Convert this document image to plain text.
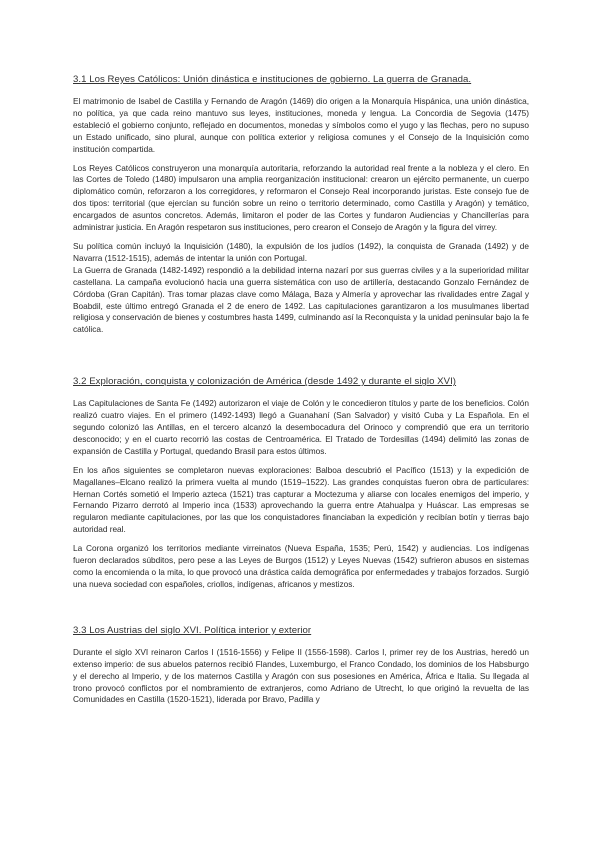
3.1 Los Reyes Católicos: Unión dinástica e instituciones de gobierno. La guerra de Granada.

El matrimonio de Isabel de Castilla y Fernando de Aragón (1469) dio origen a la Monarquía Hispánica, una unión dinástica, no política, ya que cada reino mantuvo sus leyes, instituciones, moneda y lengua. La Concordia de Segovia (1475) estableció el gobierno conjunto, reflejado en documentos, monedas y símbolos como el yugo y las flechas, pero no supuso un Estado unificado, sino plural, aunque con política exterior y religiosa comunes y el Consejo de la Inquisición como institución compartida.

Los Reyes Católicos construyeron una monarquía autoritaria, reforzando la autoridad real frente a la nobleza y el clero. En las Cortes de Toledo (1480) impulsaron una amplia reorganización institucional: crearon un ejército permanente, un cuerpo diplomático común, reforzaron a los corregidores, y reformaron el Consejo Real incorporando juristas. Este consejo fue de dos tipos: territorial (que ejercían su función sobre un reino o territorio determinado, como Castilla y Aragón) y temático, encargados de asuntos concretos. Además, limitaron el poder de las Cortes y fundaron Audiencias y Chancillerías para administrar justicia. En Aragón respetaron sus instituciones, pero crearon el Consejo de Aragón y la figura del virrey.

Su política común incluyó la Inquisición (1480), la expulsión de los judíos (1492), la conquista de Granada (1492) y de Navarra (1512-1515), además de intentar la unión con Portugal.

La Guerra de Granada (1482-1492) respondió a la debilidad interna nazarí por sus guerras civiles y a la superioridad militar castellana. La campaña evolucionó hacia una guerra sistemática con uso de artillería, destacando Gonzalo Fernández de Córdoba (Gran Capitán). Tras tomar plazas clave como Málaga, Baza y Almería y aprovechar las rivalidades entre Zagal y Boabdil, este último entregó Granada el 2 de enero de 1492. Las capitulaciones garantizaron a los musulmanes libertad religiosa y conservación de bienes y costumbres hasta 1499, culminando así la Reconquista y la unidad peninsular bajo la fe católica.

3.2 Exploración, conquista y colonización de América (desde 1492 y durante el siglo XVI)

Las Capitulaciones de Santa Fe (1492) autorizaron el viaje de Colón y le concedieron títulos y parte de los beneficios. Colón realizó cuatro viajes. En el primero (1492-1493) llegó a Guanahaní (San Salvador) y visitó Cuba y La Española. En el segundo colonizó las Antillas, en el tercero alcanzó la desembocadura del Orinoco y comprendió que era un territorio desconocido; y en el cuarto recorrió las costas de Centroamérica. El Tratado de Tordesillas (1494) delimitó las zonas de expansión de Castilla y Portugal, quedando Brasil para estos últimos.

En los años siguientes se completaron nuevas exploraciones: Balboa descubrió el Pacífico (1513) y la expedición de Magallanes–Elcano realizó la primera vuelta al mundo (1519–1522). Las grandes conquistas fueron obra de particulares: Hernan Cortés sometió el Imperio azteca (1521) tras capturar a Moctezuma y aliarse con locales enemigos del imperio, y Fernando Pizarro derrotó al Imperio inca (1533) aprovechando la guerra entre Atahualpa y Huáscar. Las empresas se regularon mediante capitulaciones, por las que los conquistadores financiaban la expedición y recibían botín y tierras bajo autoridad real.

La Corona organizó los territorios mediante virreinatos (Nueva España, 1535; Perú, 1542) y audiencias. Los indígenas fueron declarados súbditos, pero pese a las Leyes de Burgos (1512) y Leyes Nuevas (1542) sufrieron abusos en sistemas como la encomienda o la mita, lo que provocó una drástica caída demográfica por enfermedades y trabajos forzados. Surgió una nueva sociedad con españoles, criollos, indígenas, africanos y mestizos.

3.3 Los Austrias del siglo XVI. Política interior y exterior

Durante el siglo XVI reinaron Carlos I (1516-1556) y Felipe II (1556-1598). Carlos I, primer rey de los Austrias, heredó un extenso imperio: de sus abuelos paternos recibió Flandes, Luxemburgo, el Franco Condado, los dominios de los Habsburgo y el derecho al Imperio, y de los maternos Castilla y Aragón con sus posesiones en América, África e Italia. Su llegada al trono provocó conflictos por el nombramiento de extranjeros, como Adriano de Utrecht, lo que originó la revuelta de las Comunidades en Castilla (1520-1521), liderada por Bravo, Padilla y
